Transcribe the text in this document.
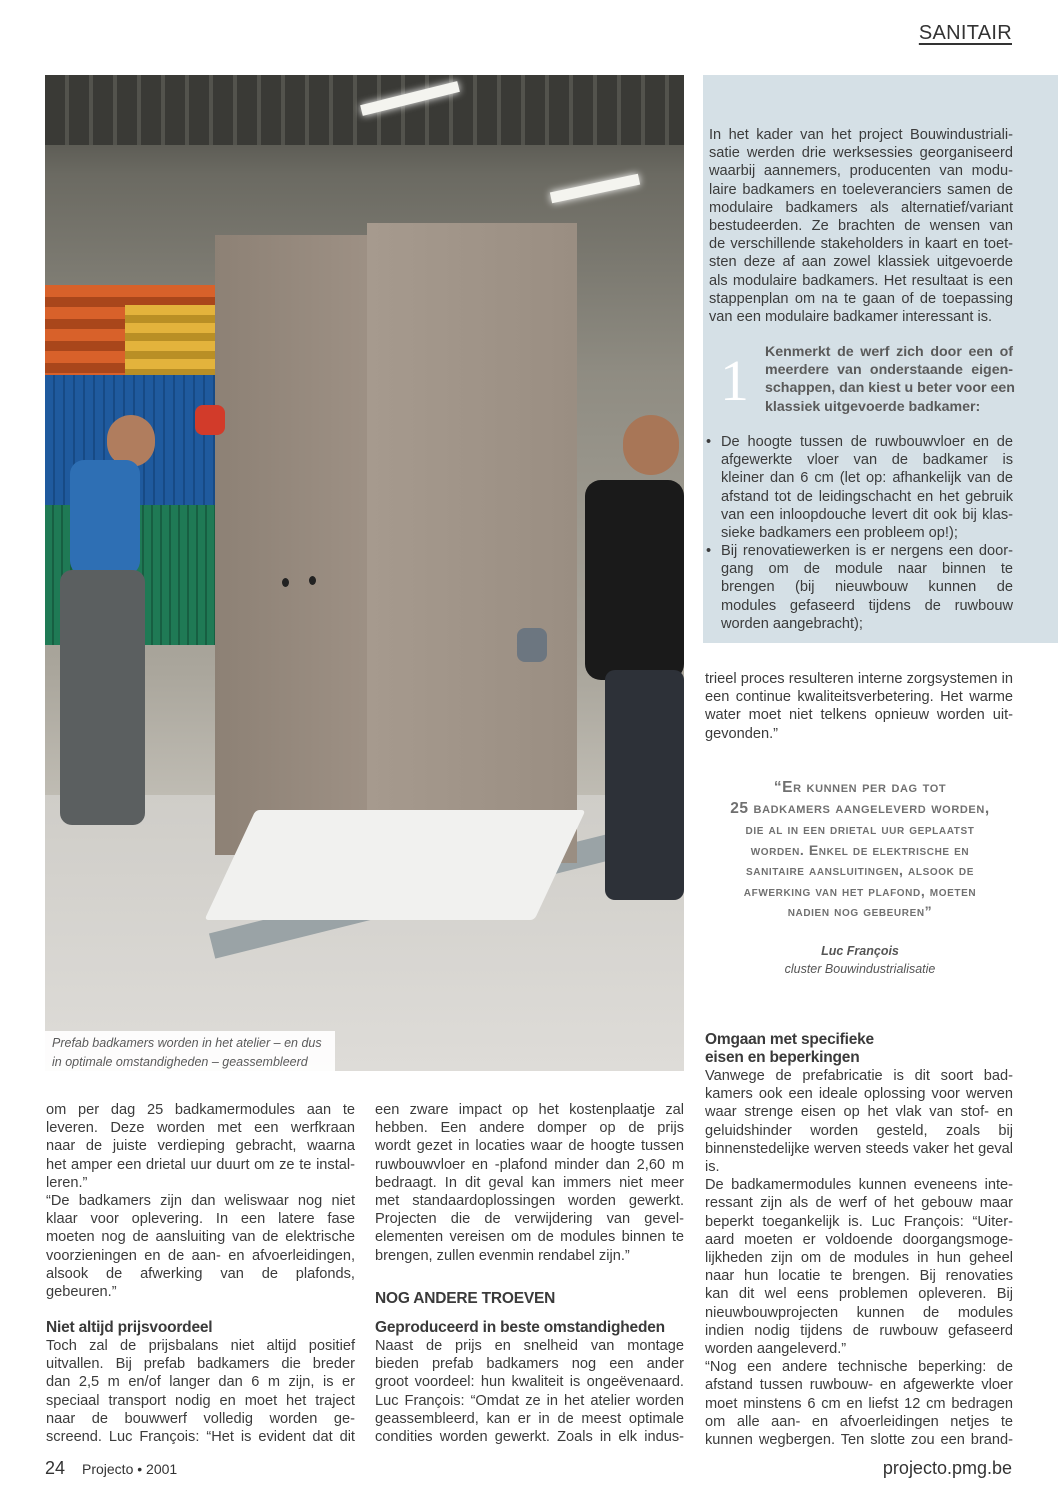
SANITAIR
Prefab badkamers worden in het atelier – en dus
in optimale omstandigheden – geassembleerd
In het kader van het project Bouwindustriali-
satie werden drie werksessies georganiseerd
waarbij aannemers, producenten van modu-
laire badkamers en toeleveranciers samen de
modulaire badkamers als alternatief/variant
bestudeerden. Ze brachten de wensen van
de verschillende stakeholders in kaart en toet-
sten deze af aan zowel klassiek uitgevoerde
als modulaire badkamers. Het resultaat is een
stappenplan om na te gaan of de toepassing
van een modulaire badkamer interessant is.
1 Kenmerkt de werf zich door een of
meerdere van onderstaande eigen-
schappen, dan kiest u beter voor een
klassiek uitgevoerde badkamer:
• De hoogte tussen de ruwbouwvloer en de
afgewerkte vloer van de badkamer is
kleiner dan 6 cm (let op: afhankelijk van de
afstand tot de leidingschacht en het gebruik
van een inloopdouche levert dit ook bij klas-
sieke badkamers een probleem op!);
• Bij renovatiewerken is er nergens een door-
gang om de module naar binnen te
brengen (bij nieuwbouw kunnen de
modules gefaseerd tijdens de ruwbouw
worden aangebracht);
trieel proces resulteren interne zorgsystemen in
een continue kwaliteitsverbetering. Het warme
water moet niet telkens opnieuw worden uit-
gevonden.”
“Er kunnen per dag tot
25 badkamers aangeleverd worden,
die al in een drietal uur geplaatst
worden. Enkel de elektrische en
sanitaire aansluitingen, alsook de
afwerking van het plafond, moeten
nadien nog gebeuren”
Luc François
cluster Bouwindustrialisatie
om per dag 25 badkamermodules aan te
leveren. Deze worden met een werfkraan
naar de juiste verdieping gebracht, waarna
het amper een drietal uur duurt om ze te instal-
leren.”
“De badkamers zijn dan weliswaar nog niet
klaar voor oplevering. In een latere fase
moeten nog de aansluiting van de elektrische
voorzieningen en de aan- en afvoerleidingen,
alsook de afwerking van de plafonds,
gebeuren.”
Niet altijd prijsvoordeel
Toch zal de prijsbalans niet altijd positief
uitvallen. Bij prefab badkamers die breder
dan 2,5 m en/of langer dan 6 m zijn, is er
speciaal transport nodig en moet het traject
naar de bouwwerf volledig worden ge-
screend. Luc François: “Het is evident dat dit
een zware impact op het kostenplaatje zal
hebben. Een andere domper op de prijs
wordt gezet in locaties waar de hoogte tussen
ruwbouwvloer en -plafond minder dan 2,60 m
bedraagt. In dit geval kan immers niet meer
met standaardoplossingen worden gewerkt.
Projecten die de verwijdering van gevel-
elementen vereisen om de modules binnen te
brengen, zullen evenmin rendabel zijn.”
NOG ANDERE TROEVEN
Geproduceerd in beste omstandigheden
Naast de prijs en snelheid van montage
bieden prefab badkamers nog een ander
groot voordeel: hun kwaliteit is ongeëvenaard.
Luc François: “Omdat ze in het atelier worden
geassembleerd, kan er in de meest optimale
condities worden gewerkt. Zoals in elk indus-
Omgaan met specifieke
eisen en beperkingen
Vanwege de prefabricatie is dit soort bad-
kamers ook een ideale oplossing voor werven
waar strenge eisen op het vlak van stof- en
geluidshinder worden gesteld, zoals bij
binnenstedelijke werven steeds vaker het geval
is.
De badkamermodules kunnen eveneens inte-
ressant zijn als de werf of het gebouw maar
beperkt toegankelijk is. Luc François: “Uiter-
aard moeten er voldoende doorgangsmoge-
lijkheden zijn om de modules in hun geheel
naar hun locatie te brengen. Bij renovaties
kan dit wel eens problemen opleveren. Bij
nieuwbouwprojecten kunnen de modules
indien nodig tijdens de ruwbouw gefaseerd
worden aangeleverd.”
“Nog een andere technische beperking: de
afstand tussen ruwbouw- en afgewerkte vloer
moet minstens 6 cm en liefst 12 cm bedragen
om alle aan- en afvoerleidingen netjes te
kunnen wegbergen. Ten slotte zou een brand-
24 Projecto • 2001	projecto.pmg.be
